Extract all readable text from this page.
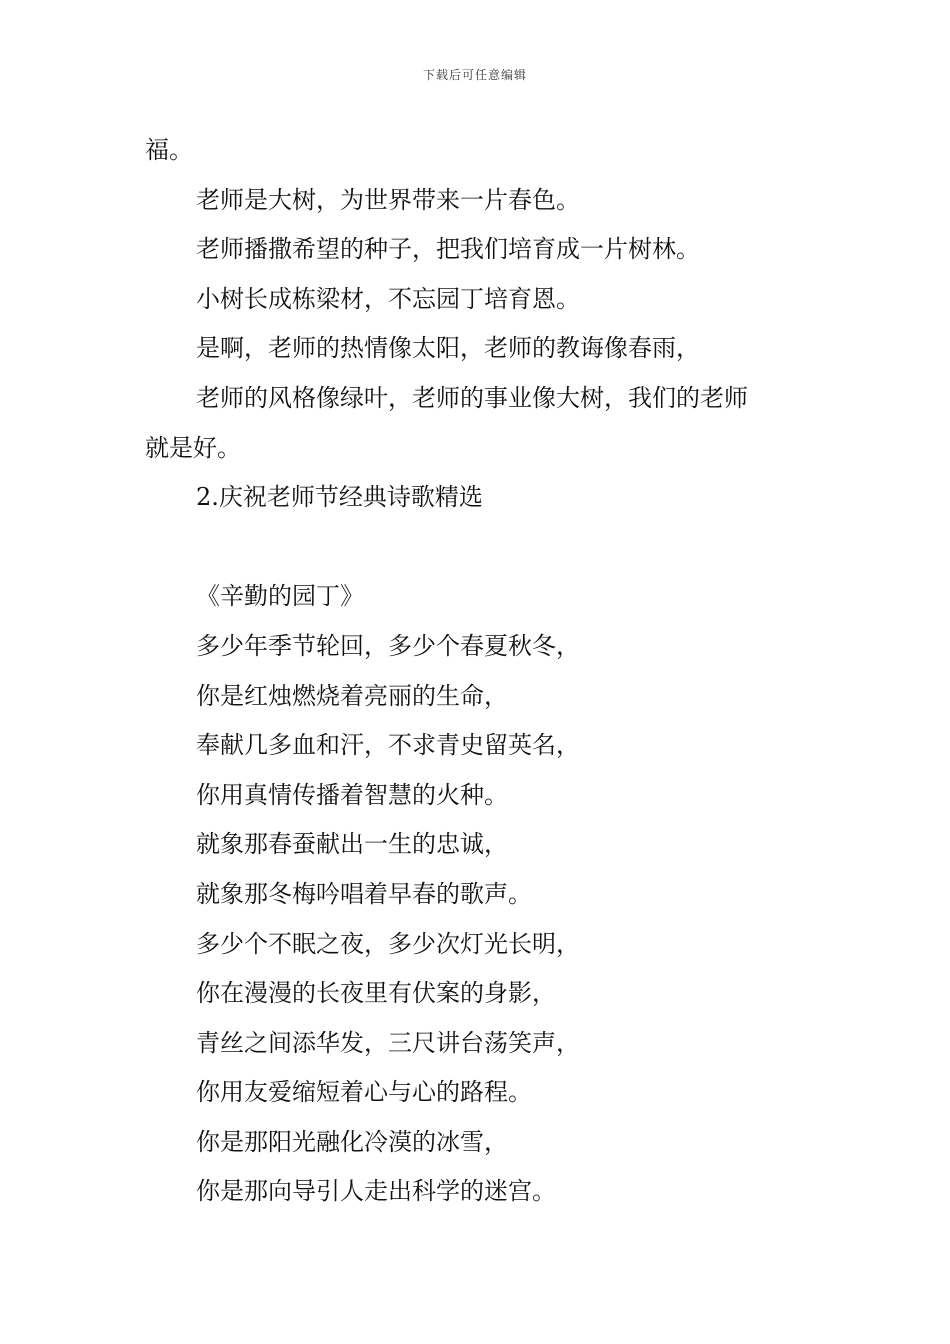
下载后可任意编辑
福。
老师是大树，为世界带来一片春色。
老师播撒希望的种子，把我们培育成一片树林。
小树长成栋梁材，不忘园丁培育恩。
是啊，老师的热情像太阳，老师的教诲像春雨，
老师的风格像绿叶，老师的事业像大树，我们的老师
就是好。
2.庆祝老师节经典诗歌精选
《辛勤的园丁》
多少年季节轮回，多少个春夏秋冬，
你是红烛燃烧着亮丽的生命，
奉献几多血和汗，不求青史留英名，
你用真情传播着智慧的火种。
就象那春蚕献出一生的忠诚，
就象那冬梅吟唱着早春的歌声。
多少个不眠之夜，多少次灯光长明，
你在漫漫的长夜里有伏案的身影，
青丝之间添华发，三尺讲台荡笑声，
你用友爱缩短着心与心的路程。
你是那阳光融化冷漠的冰雪，
你是那向导引人走出科学的迷宫。
